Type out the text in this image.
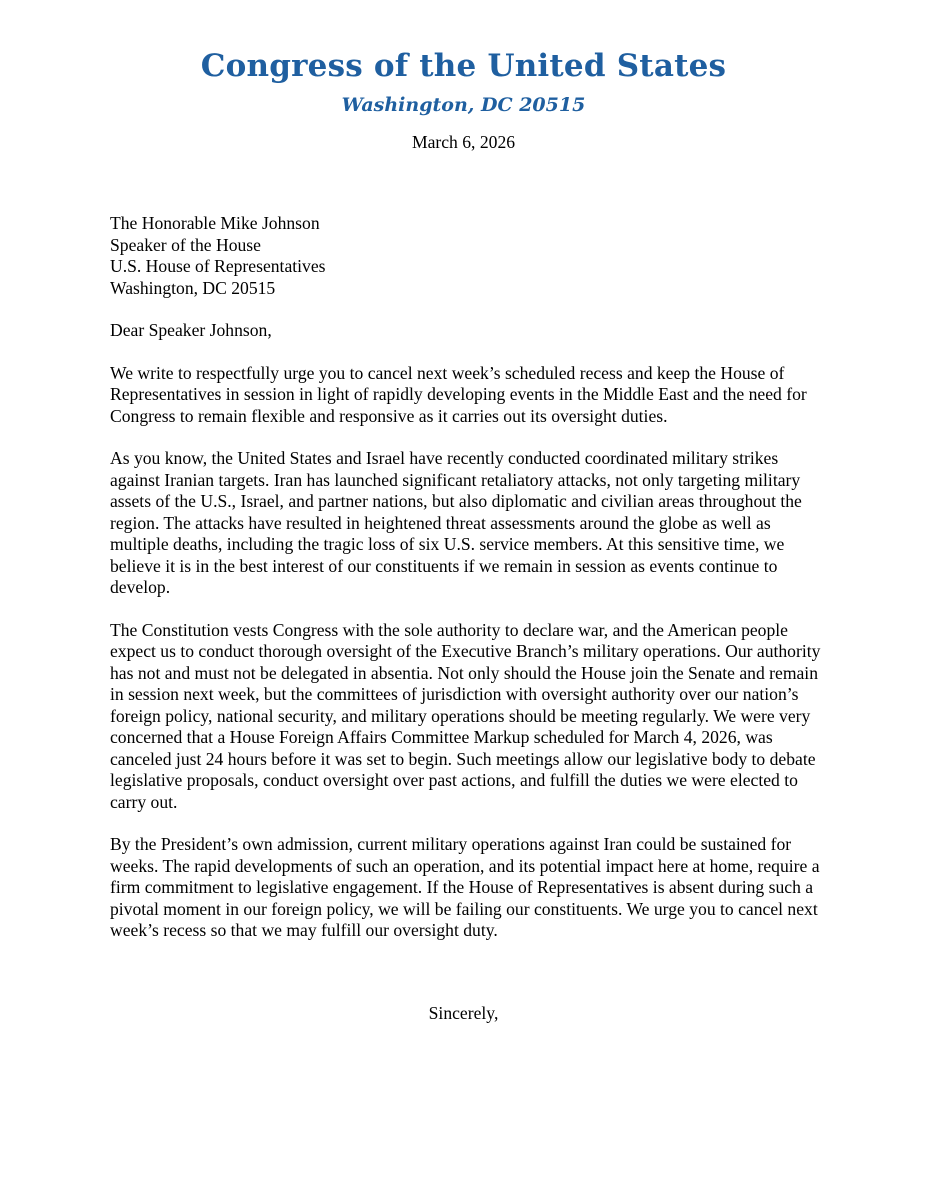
Congress of the United States
Washington, DC 20515
March 6, 2026
The Honorable Mike Johnson
Speaker of the House
U.S. House of Representatives
Washington, DC 20515
Dear Speaker Johnson,

We write to respectfully urge you to cancel next week’s scheduled recess and keep the House of Representatives in session in light of rapidly developing events in the Middle East and the need for Congress to remain flexible and responsive as it carries out its oversight duties.

As you know, the United States and Israel have recently conducted coordinated military strikes against Iranian targets. Iran has launched significant retaliatory attacks, not only targeting military assets of the U.S., Israel, and partner nations, but also diplomatic and civilian areas throughout the region. The attacks have resulted in heightened threat assessments around the globe as well as multiple deaths, including the tragic loss of six U.S. service members. At this sensitive time, we believe it is in the best interest of our constituents if we remain in session as events continue to develop.

The Constitution vests Congress with the sole authority to declare war, and the American people expect us to conduct thorough oversight of the Executive Branch’s military operations. Our authority has not and must not be delegated in absentia. Not only should the House join the Senate and remain in session next week, but the committees of jurisdiction with oversight authority over our nation’s foreign policy, national security, and military operations should be meeting regularly. We were very concerned that a House Foreign Affairs Committee Markup scheduled for March 4, 2026, was canceled just 24 hours before it was set to begin. Such meetings allow our legislative body to debate legislative proposals, conduct oversight over past actions, and fulfill the duties we were elected to carry out.

By the President’s own admission, current military operations against Iran could be sustained for weeks. The rapid developments of such an operation, and its potential impact here at home, require a firm commitment to legislative engagement. If the House of Representatives is absent during such a pivotal moment in our foreign policy, we will be failing our constituents. We urge you to cancel next week’s recess so that we may fulfill our oversight duty.

Sincerely,
